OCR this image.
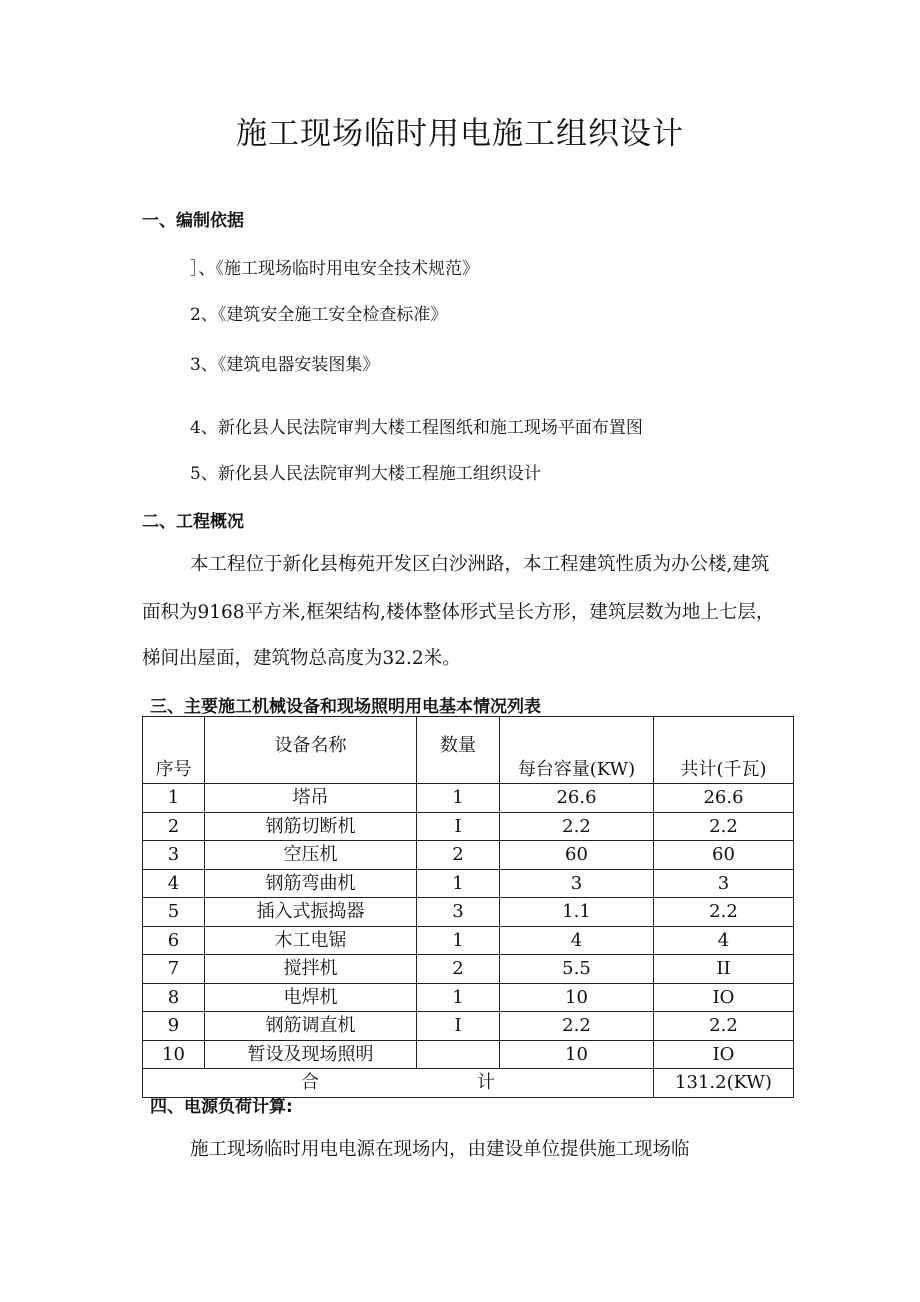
施工现场临时用电施工组织设计
一、编制依据
］、《施工现场临时用电安全技术规范》
2、《建筑安全施工安全检查标准》
3、《建筑电器安装图集》
4、新化县人民法院审判大楼工程图纸和施工现场平面布置图
5、新化县人民法院审判大楼工程施工组织设计
二、工程概况
本工程位于新化县梅苑开发区白沙洲路，本工程建筑性质为办公楼,建筑
面积为9168平方米,框架结构,楼体整体形式呈长方形，建筑层数为地上七层，
梯间出屋面，建筑物总高度为32.2米。
三、主要施工机械设备和现场照明用电基本情况列表
序号	设备名称	数量	每台容量(KW)	共计(千瓦)
1	塔吊	1	26.6	26.6
2	钢筋切断机	I	2.2	2.2
3	空压机	2	60	60
4	钢筋弯曲机	1	3	3
5	插入式振捣器	3	1.1	2.2
6	木工电锯	1	4	4
7	搅拌机	2	5.5	II
8	电焊机	1	10	IO
9	钢筋调直机	I	2.2	2.2
10	暂设及现场照明		10	IO
合 计				131.2(KW)
四、电源负荷计算:
施工现场临时用电电源在现场内，由建设单位提供施工现场临
